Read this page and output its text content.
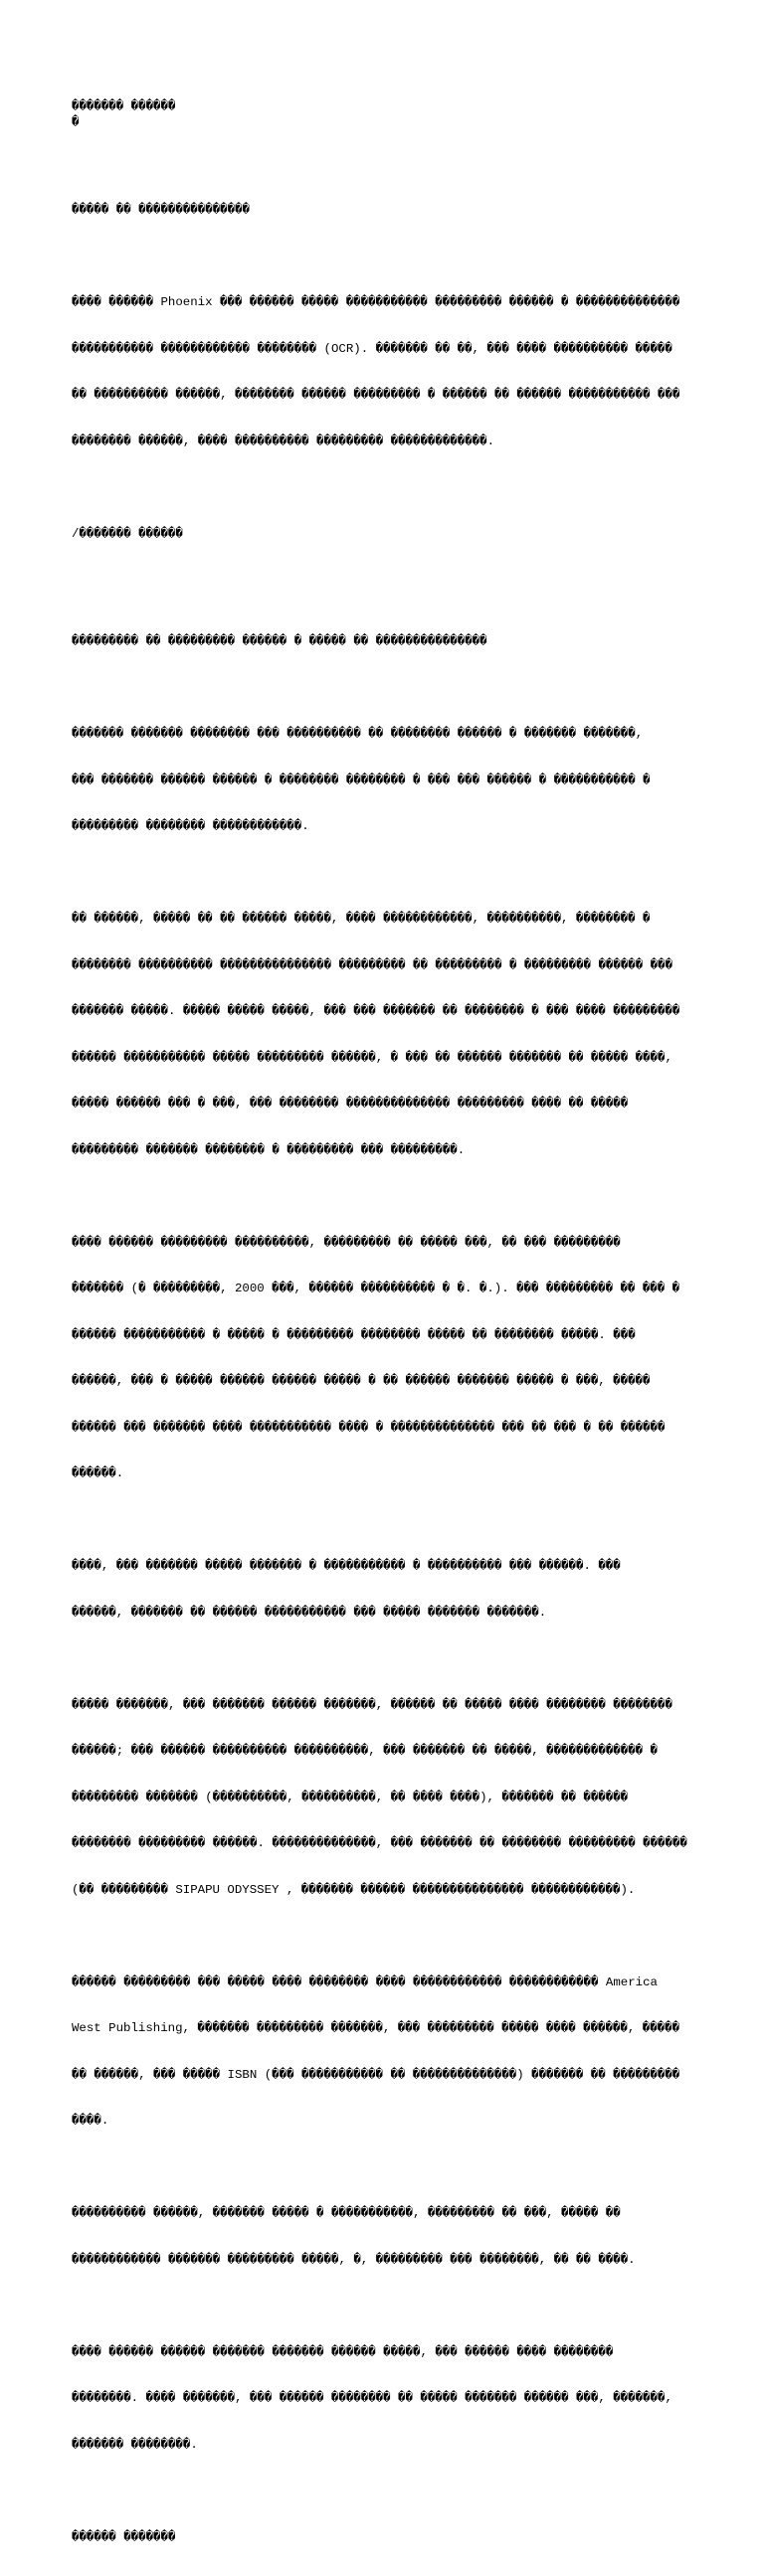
������� ������
�

����� �� ���������������

���� ������ Phoenix ��� ������ ����� ����������� ��������� ������ � ��������������

����������� ������������ �������� (OCR). ������� �� ��, ��� ���� ���������� �����

�� ���������� ������, �������� ������ ��������� � ������ �� ������ ����������� ���

�������� ������, ���� ���������� ��������� �������������.

/������� ������

��������� �� ��������� ������ � ����� �� ���������������

������� ������� �������� ��� ���������� �� �������� ������ � ������� �������,

��� ������� ������ ������ � �������� �������� � ��� ��� ������ � ����������� �

��������� �������� ������������.

�� ������, ����� �� �� ������ �����, ���� ������������, ����������, �������� �

�������� ���������� ��������������� ��������� �� ��������� � ��������� ������ ���

������� �����. ����� ����� �����, ��� ��� ������� �� �������� � ��� ���� ���������

������ ����������� ����� ��������� ������, � ��� �� ������ ������� �� ����� ����,

����� ������ ��� � ���, ��� �������� �������������� ��������� ���� �� �����

��������� ������� �������� � ��������� ��� ���������.

���� ������ ��������� ����������, ��������� �� ����� ���, �� ��� ���������

������� (� ���������, 2000 ���, ������ ���������� � �. �.). ��� ��������� �� ��� �

������ ����������� � ����� � ��������� �������� ����� �� �������� �����. ���

������, ��� � ����� ������ ������ ����� � �� ������ ������� ����� � ���, �����

������ ��� ������� ���� ����������� ���� � �������������� ��� �� ��� � �� ������

������.

����, ��� ������� ����� ������� � ����������� � ���������� ��� ������. ���

������, ������� �� ������ ����������� ��� ����� ������� �������.

����� �������, ��� ������� ������ �������, ������ �� ����� ���� �������� ��������

������; ��� ������ ���������� ����������, ��� ������� �� �����, ������������� �

��������� ������� (����������, ����������, �� ���� ����), ������� �� ������

�������� ��������� ������. ��������������, ��� ������� �� �������� ��������� ������

(�� ��������� SIPAPU ODYSSEY , ������� ������ ��������������� ������������).

������ ��������� ��� ����� ���� �������� ���� ������������ ������������ America

West Publishing, ������� ��������� �������, ��� ��������� ����� ���� ������, �����

�� ������, ��� ����� ISBN (��� ����������� �� ��������������) ������� �� ���������

����.

���������� ������, ������� ����� � �����������, ��������� �� ���, ����� ��

������������ ������� ��������� �����, �, ��������� ��� ��������, �� �� ����.

���� ������ ������ ������� ������� ������ �����, ��� ������ ���� ��������

��������. ���� �������, ��� ������ �������� �� ����� ������� ������ ���, �������,

������� ��������.

������ �������
